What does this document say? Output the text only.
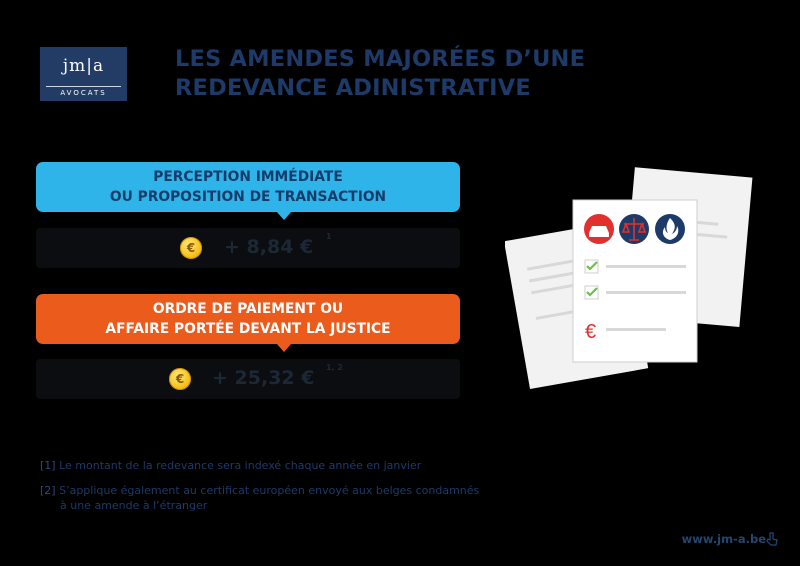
jm|a
AVOCATS
LES AMENDES MAJORÉES D’UNE
REDEVANCE ADINISTRATIVE
PERCEPTION IMMÉDIATE
OU PROPOSITION DE TRANSACTION
€	+ 8,84 € 1
ORDRE DE PAIEMENT OU
AFFAIRE PORTÉE DEVANT LA JUSTICE
€	+ 25,32 € 1, 2
[1] Le montant de la redevance sera indexé chaque année en janvier
[2] S’applique également au certificat européen envoyé aux belges condamnés
à une amende à l’étranger
€
www.jm-a.be
